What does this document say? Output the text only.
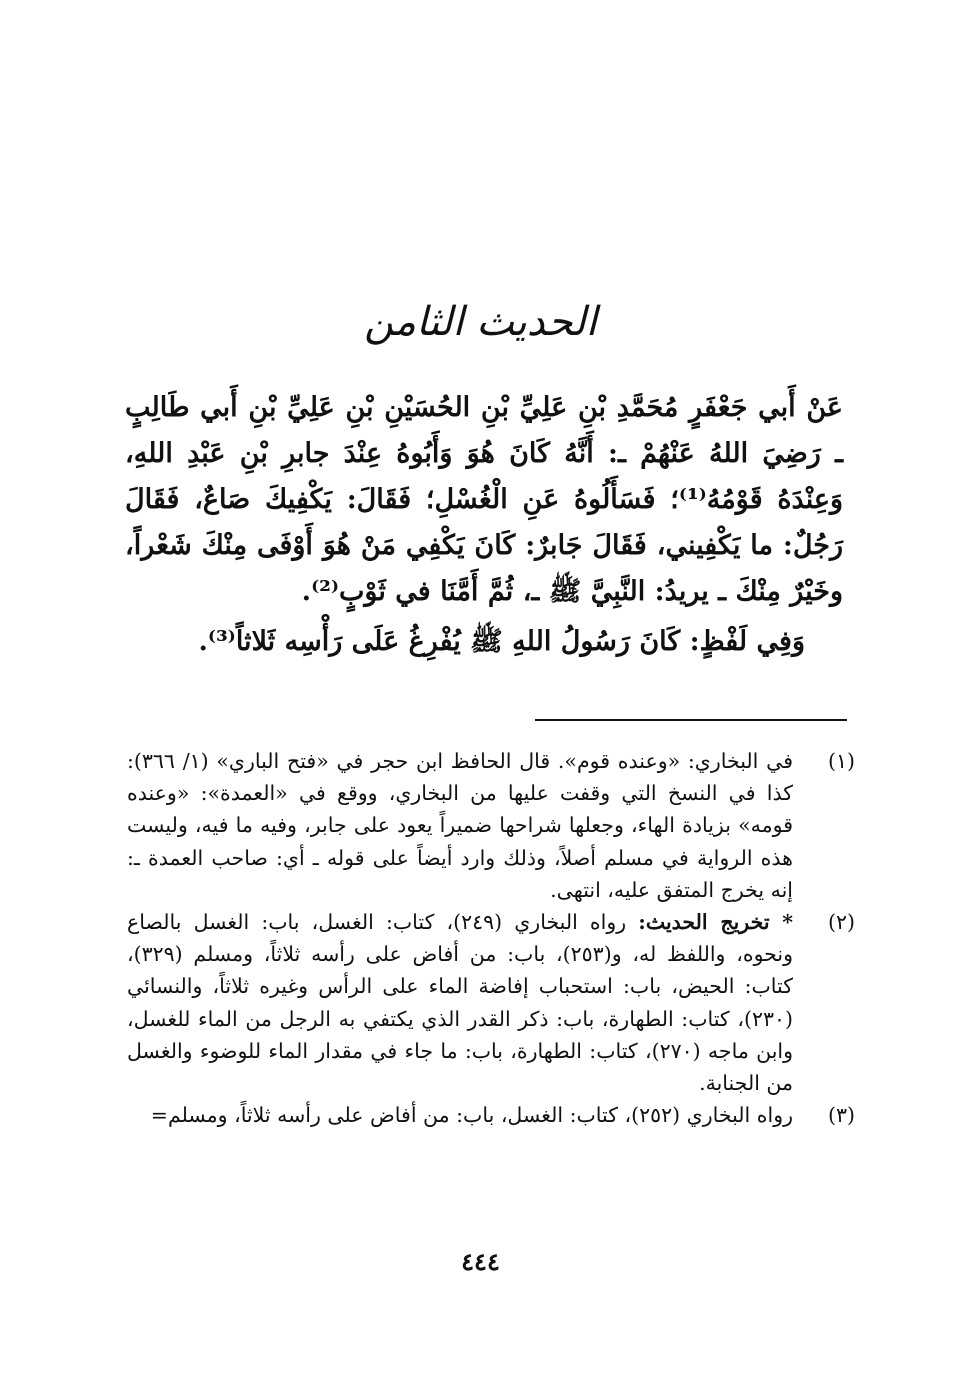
الحديث الثامن

عَنْ أَبي جَعْفَرٍ مُحَمَّدِ بْنِ عَلِيِّ بْنِ الحُسَيْنِ بْنِ عَلِيِّ بْنِ أَبي طَالِبٍ ـ رَضِيَ اللهُ عَنْهُمْ ـ: أَنَّهُ كَانَ هُوَ وَأَبُوهُ عِنْدَ جابرِ بْنِ عَبْدِ اللهِ، وَعِنْدَهُ قَوْمُهُ⁽¹⁾؛ فَسَأَلُوهُ عَنِ الْغُسْلِ؛ فَقَالَ: يَكْفِيكَ صَاعٌ، فَقَالَ رَجُلٌ: ما يَكْفِيني، فَقَالَ جَابرٌ: كَانَ يَكْفِي مَنْ هُوَ أَوْفَى مِنْكَ شَعْراً، وخَيْرٌ مِنْكَ ـ يريدُ: النَّبِيَّ ﷺ ـ، ثُمَّ أَمَّنَا في ثَوْبٍ⁽²⁾.

وَفِي لَفْظٍ: كَانَ رَسُولُ اللهِ ﷺ يُفْرِغُ عَلَى رَأْسِه ثَلاثاً⁽³⁾.

(١)
في البخاري: «وعنده قوم». قال الحافظ ابن حجر في «فتح الباري» (١/ ٣٦٦): كذا في النسخ التي وقفت عليها من البخاري، ووقع في «العمدة»: «وعنده قومه» بزيادة الهاء، وجعلها شراحها ضميراً يعود على جابر، وفيه ما فيه، وليست هذه الرواية في مسلم أصلاً، وذلك وارد أيضاً على قوله ـ أي: صاحب العمدة ـ: إنه يخرج المتفق عليه، انتهى.
(٢)
* تخريج الحديث: رواه البخاري (٢٤٩)، كتاب: الغسل، باب: الغسل بالصاع ونحوه، واللفظ له، و(٢٥٣)، باب: من أفاض على رأسه ثلاثاً، ومسلم (٣٢٩)، كتاب: الحيض، باب: استحباب إفاضة الماء على الرأس وغيره ثلاثاً، والنسائي (٢٣٠)، كتاب: الطهارة، باب: ذكر القدر الذي يكتفي به الرجل من الماء للغسل، وابن ماجه (٢٧٠)، كتاب: الطهارة، باب: ما جاء في مقدار الماء للوضوء والغسل من الجنابة.
(٣)
رواه البخاري (٢٥٢)، كتاب: الغسل، باب: من أفاض على رأسه ثلاثاً، ومسلم=
٤٤٤
